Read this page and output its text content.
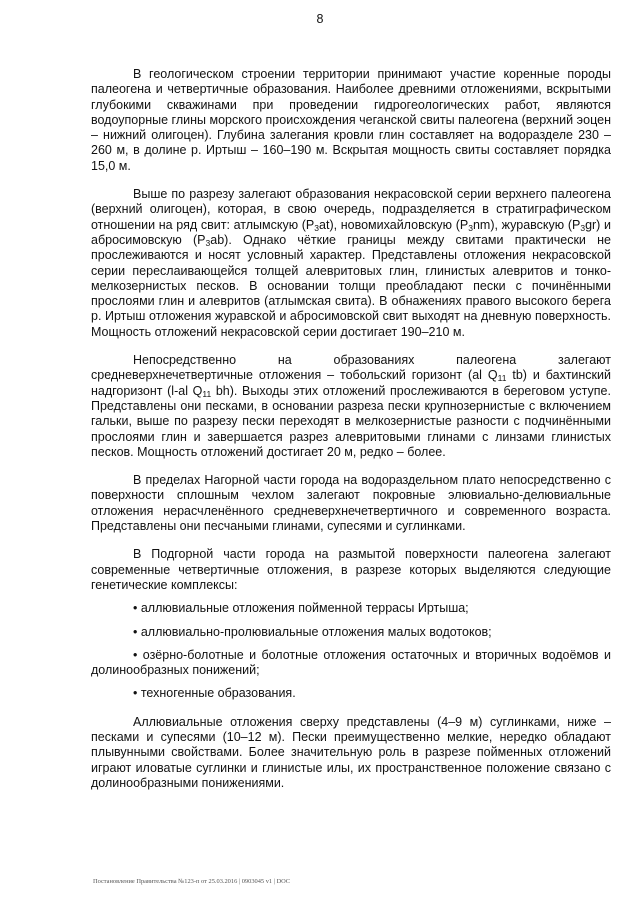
8

В геологическом строении территории принимают участие коренные породы палеогена и четвертичные образования. Наиболее древними отложениями, вскрытыми глубокими скважинами при проведении гидрогеологических работ, являются водоупорные глины морского происхождения чеганской свиты палеогена (верхний эоцен – нижний олигоцен). Глубина залегания кровли глин составляет на водоразделе 230 – 260 м, в долине р. Иртыш – 160–190 м. Вскрытая мощность свиты составляет порядка 15,0 м.

Выше по разрезу залегают образования некрасовской серии верхнего палеогена (верхний олигоцен), которая, в свою очередь, подразделяется в стратиграфическом отношении на ряд свит: атлымскую $(P_3at)$, новомихайловскую $(P_3nm)$, журавскую $(P_3gr)$ и абросимовскую $(P_3ab)$. Однако чёткие границы между свитами практически не прослеживаются и носят условный характер. Представлены отложения некрасовской серии переслаивающейся толщей алевритовых глин, глинистых алевритов и тонко-мелкозернистых песков. В основании толщи преобладают пески с починёнными прослоями глин и алевритов (атлымская свита). В обнажениях правого высокого берега р. Иртыш отложения журавской и абросимовской свит выходят на дневную поверхность. Мощность отложений некрасовской серии достигает 190–210 м.

Непосредственно на образованиях палеогена залегают средневерхнечетвертичные отложения – тобольский горизонт (al $Q_{11}$ tb) и бахтинский надгоризонт (l-al $Q_{11}$ bh). Выходы этих отложений прослеживаются в береговом уступе. Представлены они песками, в основании разреза пески крупнозернистые с включением гальки, выше по разрезу пески переходят в мелкозернистые разности с подчинёнными прослоями глин и завершается разрез алевритовыми глинами с линзами глинистых песков. Мощность отложений достигает 20 м, редко – более.

В пределах Нагорной части города на водораздельном плато непосредственно с поверхности сплошным чехлом залегают покровные элювиально-делювиальные отложения нерасчленённого средневерхнечетвертичного и современного возраста. Представлены они песчаными глинами, супесями и суглинками.

В Подгорной части города на размытой поверхности палеогена залегают современные четвертичные отложения, в разрезе которых выделяются следующие генетические комплексы:

• аллювиальные отложения пойменной террасы Иртыша;

• аллювиально-пролювиальные отложения малых водотоков;

• озёрно-болотные и болотные отложения остаточных и вторичных водоёмов и долинообразных понижений;

• техногенные образования.

Аллювиальные отложения сверху представлены (4–9 м) суглинками, ниже – песками и супесями (10–12 м). Пески преимущественно мелкие, нередко обладают плывунными свойствами. Более значительную роль в разрезе пойменных отложений играют иловатые суглинки и глинистые илы, их пространственное положение связано с долинообразными понижениями.

Постановление Правительства №123-п от 25.03.2016 | 0903045 v1 | DOC
